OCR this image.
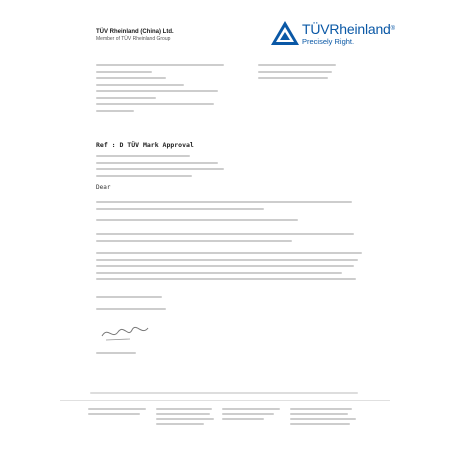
TÜV Rheinland (China) Ltd.
Member of TÜV Rheinland Group
TÜVRheinland®
Precisely Right.
Ref : D TÜV Mark Approval
Dear
